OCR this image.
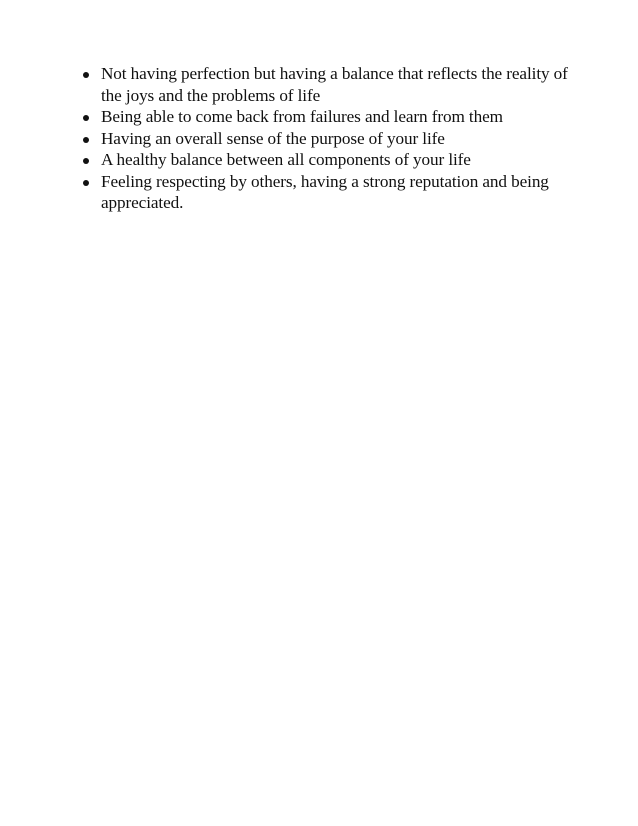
Not having perfection but having a balance that reflects the reality of the joys and the problems of life
Being able to come back from failures and learn from them
Having an overall sense of the purpose of your life
A healthy balance between all components of your life
Feeling respecting by others, having a strong reputation and being appreciated.
